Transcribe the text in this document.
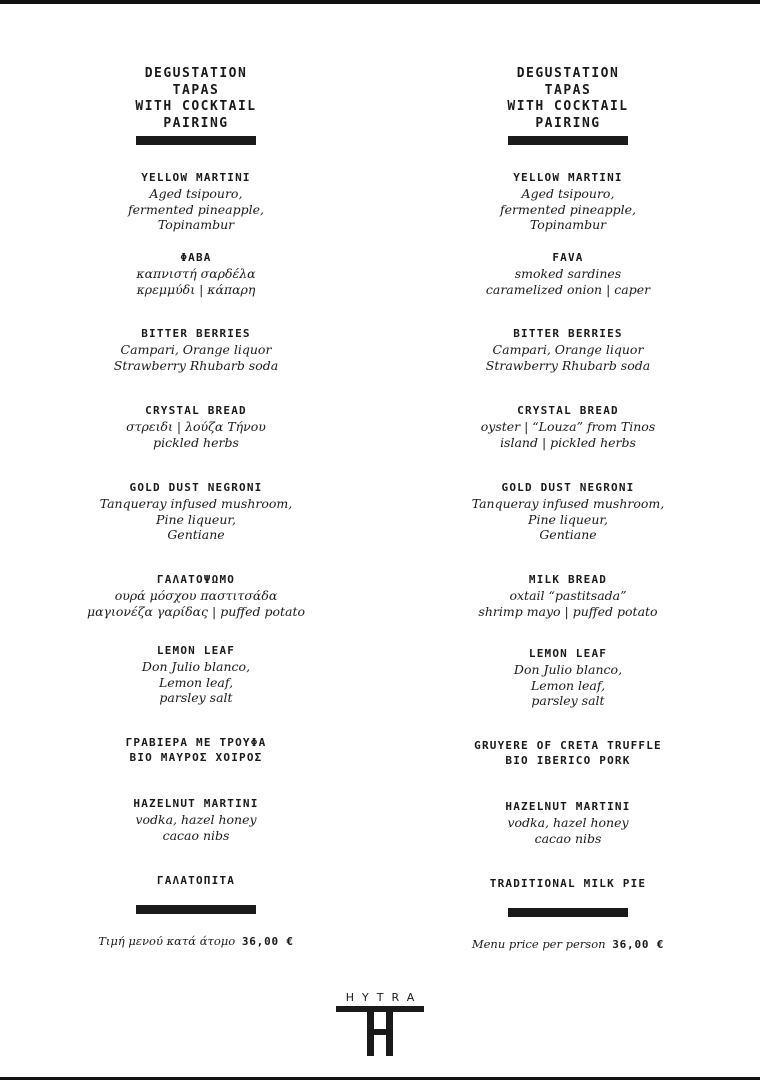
DEGUSTATION
TAPAS
WITH COCKTAIL
PAIRING
YELLOW MARTINI
Aged tsipouro,
fermented pineapple,
Topinambur
ΦΑΒΑ
καπνιστή σαρδέλα
κρεμμύδι | κάπαρη
BITTER BERRIES
Campari, Orange liquor
Strawberry Rhubarb soda
CRYSTAL BREAD
στρειδι | λούζα Τήνου
pickled herbs
GOLD DUST NEGRONI
Tanqueray infused mushroom,
Pine liqueur,
Gentiane
ΓΑΛΑΤΟΨΩΜΟ
ουρά μόσχου παστιτσάδα
μαγιονέζα γαρίδας | puffed potato
LEMON LEAF
Don Julio blanco,
Lemon leaf,
parsley salt
ΓΡΑΒΙΕΡΑ ΜΕ ΤΡΟΥΦΑ
ΒΙΟ ΜΑΥΡΟΣ ΧΟΙΡΟΣ
HAZELNUT MARTINI
vodka, hazel honey
cacao nibs
ΓΑΛΑΤΟΠΙΤΑ
Τιμή μενού κατά άτομο 36,00 €
DEGUSTATION
TAPAS
WITH COCKTAIL
PAIRING
YELLOW MARTINI
Aged tsipouro,
fermented pineapple,
Topinambur
FAVA
smoked sardines
caramelized onion | caper
BITTER BERRIES
Campari, Orange liquor
Strawberry Rhubarb soda
CRYSTAL BREAD
oyster | “Louza” from Tinos
island | pickled herbs
GOLD DUST NEGRONI
Tanqueray infused mushroom,
Pine liqueur,
Gentiane
MILK BREAD
oxtail “pastitsada”
shrimp mayo | puffed potato
LEMON LEAF
Don Julio blanco,
Lemon leaf,
parsley salt
GRUYERE OF CRETA TRUFFLE
BIO IBERICO PORK
HAZELNUT MARTINI
vodka, hazel honey
cacao nibs
TRADITIONAL MILK PIE
Menu price per person 36,00 €
HYTRA
